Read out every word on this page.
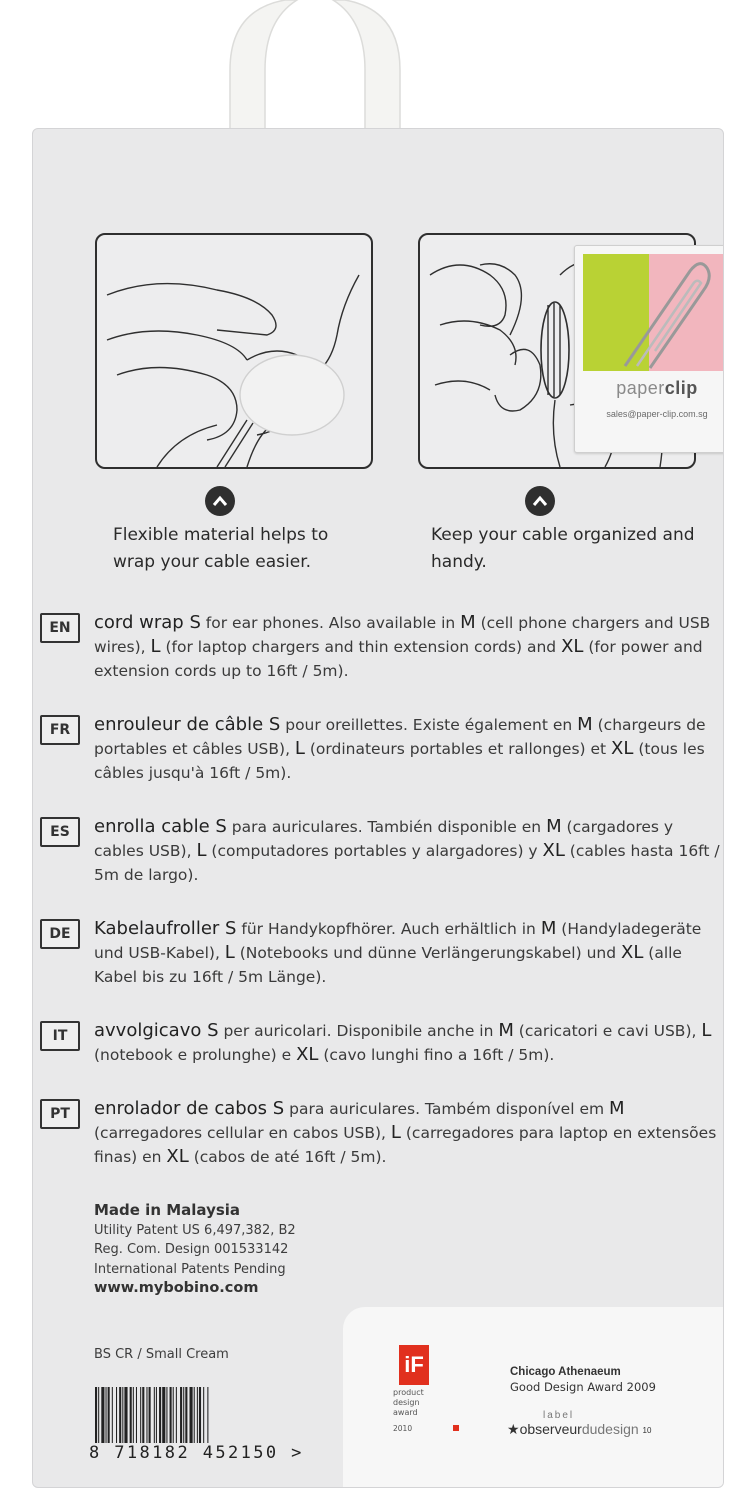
paperclip
sales@paper-clip.com.sg
Flexible material helps to wrap your cable easier.
Keep your cable organized and handy.
EN	cord wrap S for ear phones. Also available in M (cell phone chargers and USB wires), L (for laptop chargers and thin extension cords) and XL (for power and extension cords up to 16ft / 5m).
FR	enrouleur de câble S pour oreillettes. Existe également en M (chargeurs de portables et câbles USB), L (ordinateurs portables et rallonges) et XL (tous les câbles jusqu'à 16ft / 5m).
ES	enrolla cable S para auriculares. También disponible en M (cargadores y cables USB), L (computadores portables y alargadores) y XL (cables hasta 16ft / 5m de largo).
DE	Kabelaufroller S für Handykopfhörer. Auch erhältlich in M (Handyladegeräte und USB-Kabel), L (Notebooks und dünne Verlängerungskabel) und XL (alle Kabel bis zu 16ft / 5m Länge).
IT	avvolgicavo S per auricolari. Disponibile anche in M (caricatori e cavi USB), L (notebook e prolunghe) e XL (cavo lunghi fino a 16ft / 5m).
PT	enrolador de cabos S para auriculares. Também disponível em M (carregadores cellular en cabos USB), L (carregadores para laptop en extensões finas) en XL (cabos de até 16ft / 5m).
Made in Malaysia
Utility Patent US 6,497,382, B2
Reg. Com. Design 001533142
International Patents Pending
www.mybobino.com
BS CR / Small Cream
8 718182 452150 >
iF
product
design
award
2010
Chicago Athenaeum
Good Design Award 2009
label
★observeurdudesign 10
